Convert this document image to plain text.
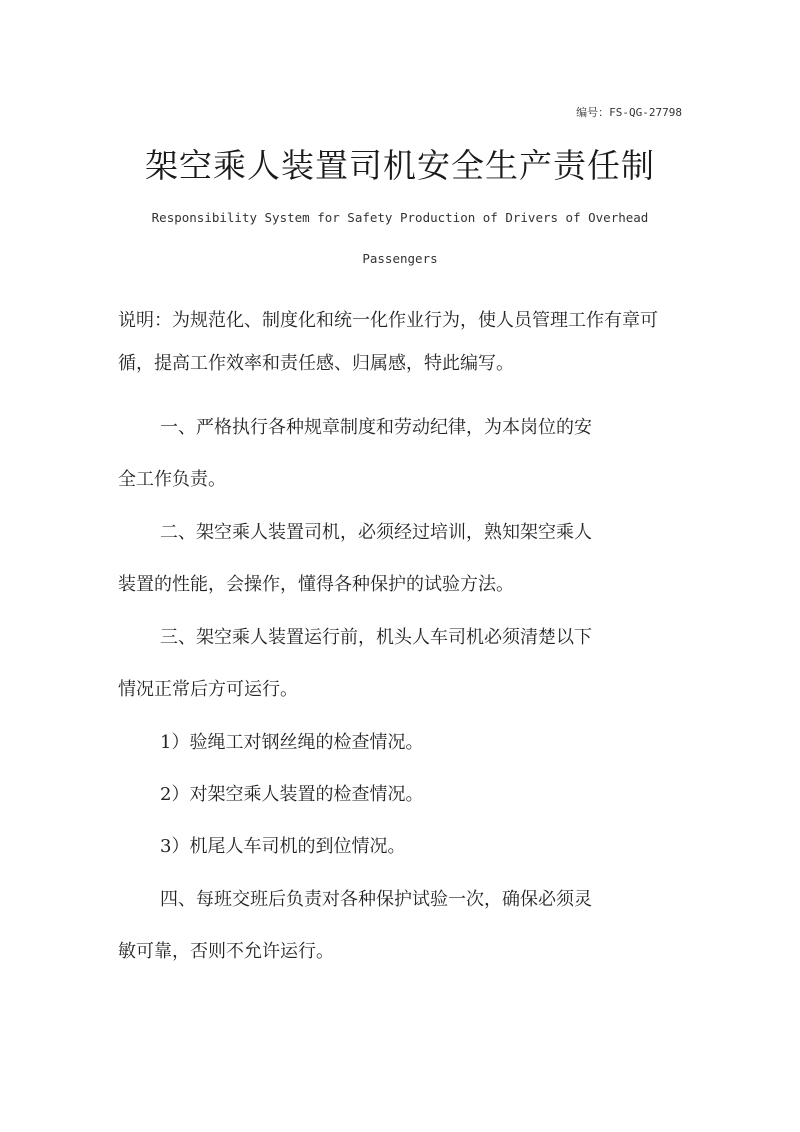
编号：FS-QG-27798
架空乘人装置司机安全生产责任制

Responsibility System for Safety Production of Drivers of Overhead

Passengers

说明：为规范化、制度化和统一化作业行为，使人员管理工作有章可

循，提高工作效率和责任感、归属感，特此编写。

一、严格执行各种规章制度和劳动纪律，为本岗位的安

全工作负责。

二、架空乘人装置司机，必须经过培训，熟知架空乘人

装置的性能，会操作，懂得各种保护的试验方法。

三、架空乘人装置运行前，机头人车司机必须清楚以下

情况正常后方可运行。

1）验绳工对钢丝绳的检查情况。

2）对架空乘人装置的检查情况。

3）机尾人车司机的到位情况。

四、每班交班后负责对各种保护试验一次，确保必须灵

敏可靠，否则不允许运行。
